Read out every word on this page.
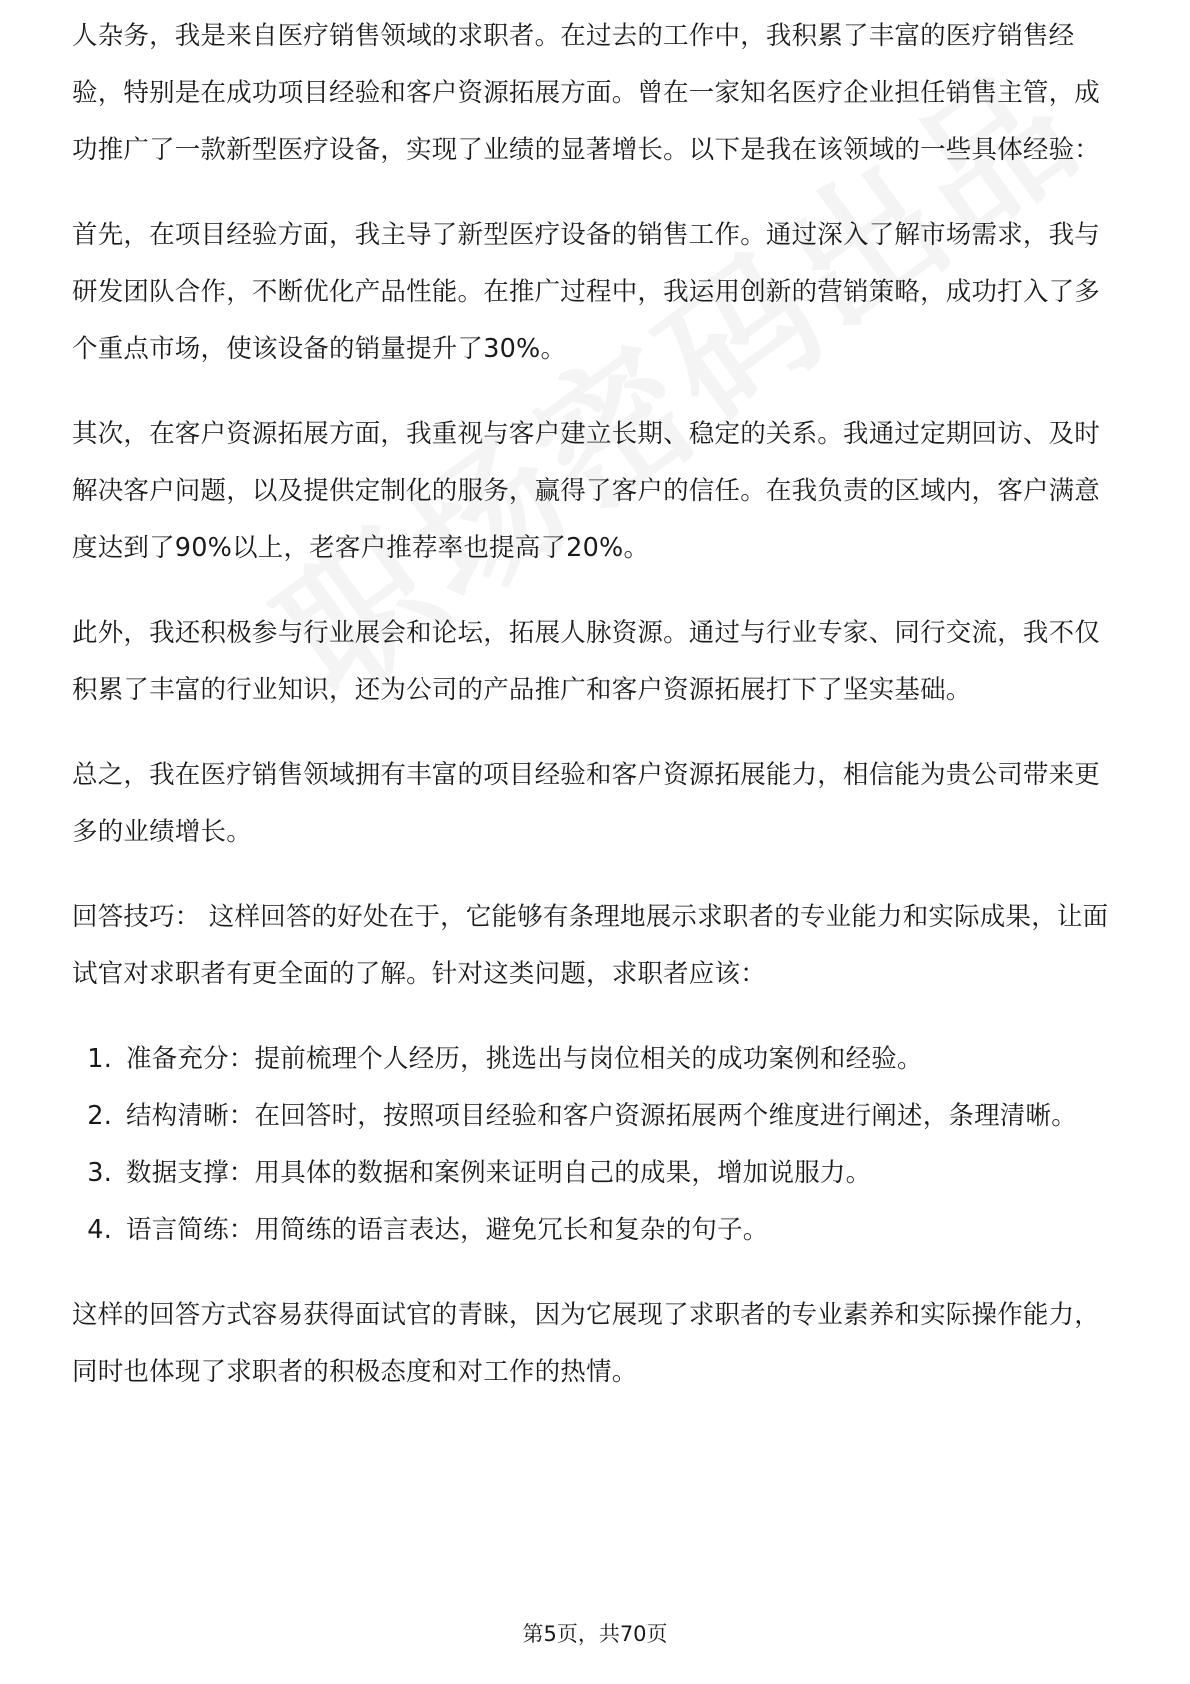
人杂务，我是来自医疗销售领域的求职者。在过去的工作中，我积累了丰富的医疗销售经验，特别是在成功项目经验和客户资源拓展方面。曾在一家知名医疗企业担任销售主管，成功推广了一款新型医疗设备，实现了业绩的显著增长。以下是我在该领域的一些具体经验：

首先，在项目经验方面，我主导了新型医疗设备的销售工作。通过深入了解市场需求，我与研发团队合作，不断优化产品性能。在推广过程中，我运用创新的营销策略，成功打入了多个重点市场，使该设备的销量提升了30%。

其次，在客户资源拓展方面，我重视与客户建立长期、稳定的关系。我通过定期回访、及时解决客户问题，以及提供定制化的服务，赢得了客户的信任。在我负责的区域内，客户满意度达到了90%以上，老客户推荐率也提高了20%。

此外，我还积极参与行业展会和论坛，拓展人脉资源。通过与行业专家、同行交流，我不仅积累了丰富的行业知识，还为公司的产品推广和客户资源拓展打下了坚实基础。

总之，我在医疗销售领域拥有丰富的项目经验和客户资源拓展能力，相信能为贵公司带来更多的业绩增长。

回答技巧： 这样回答的好处在于，它能够有条理地展示求职者的专业能力和实际成果，让面试官对求职者有更全面的了解。针对这类问题，求职者应该：

1. 准备充分：提前梳理个人经历，挑选出与岗位相关的成功案例和经验。
2. 结构清晰：在回答时，按照项目经验和客户资源拓展两个维度进行阐述，条理清晰。
3. 数据支撑：用具体的数据和案例来证明自己的成果，增加说服力。
4. 语言简练：用简练的语言表达，避免冗长和复杂的句子。

这样的回答方式容易获得面试官的青睐，因为它展现了求职者的专业素养和实际操作能力，同时也体现了求职者的积极态度和对工作的热情。

第5页，共70页
